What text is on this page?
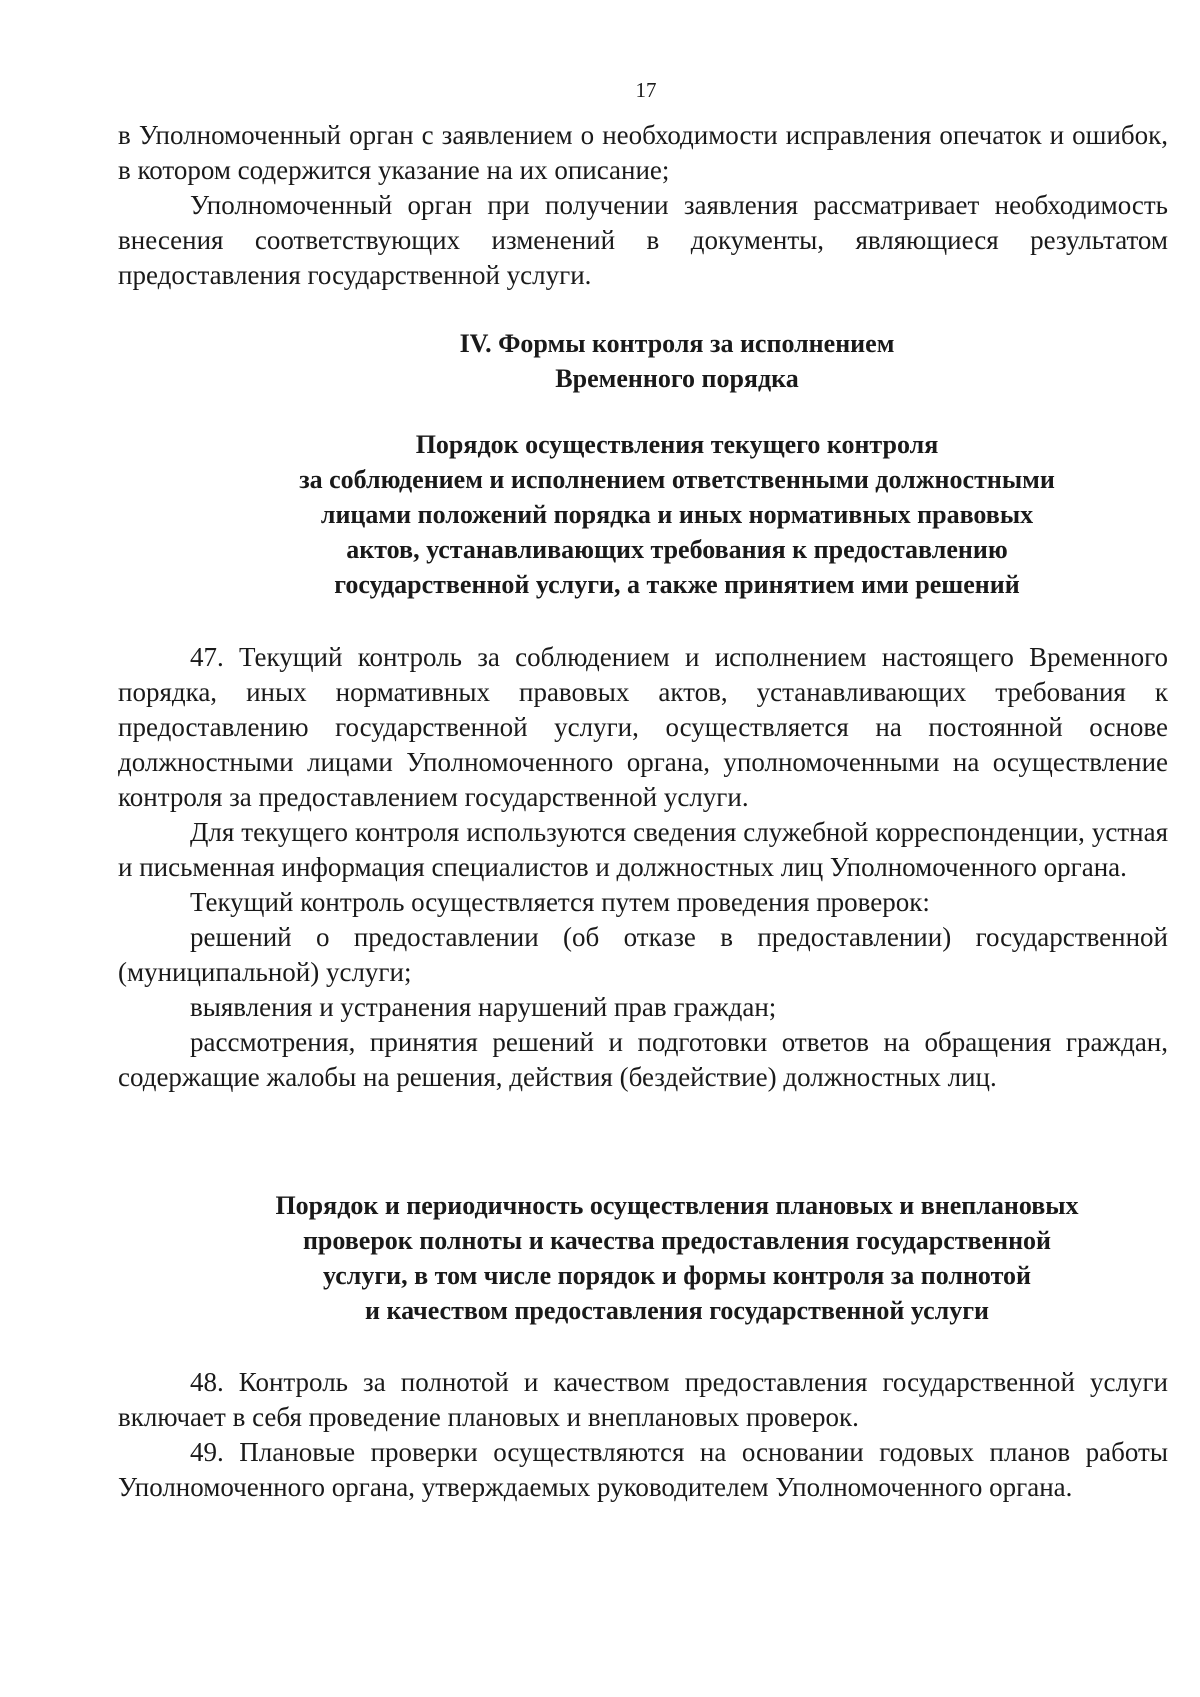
17

в Уполномоченный орган с заявлением о необходимости исправления опечаток и ошибок, в котором содержится указание на их описание;

Уполномоченный орган при получении заявления рассматривает необходимость внесения соответствующих изменений в документы, являющиеся результатом предоставления государственной услуги.

IV. Формы контроля за исполнением
Временного порядка
Порядок осуществления текущего контроля
за соблюдением и исполнением ответственными должностными
лицами положений порядка и иных нормативных правовых
актов, устанавливающих требования к предоставлению
государственной услуги, а также принятием ими решений

47. Текущий контроль за соблюдением и исполнением настоящего Временного порядка, иных нормативных правовых актов, устанавливающих требования к предоставлению государственной услуги, осуществляется на постоянной основе должностными лицами Уполномоченного органа, уполномоченными на осуществление контроля за предоставлением государственной услуги.

Для текущего контроля используются сведения служебной корреспонденции, устная и письменная информация специалистов и должностных лиц Уполномоченного органа.

Текущий контроль осуществляется путем проведения проверок:

решений о предоставлении (об отказе в предоставлении) государственной (муниципальной) услуги;

выявления и устранения нарушений прав граждан;

рассмотрения, принятия решений и подготовки ответов на обращения граждан, содержащие жалобы на решения, действия (бездействие) должностных лиц.

Порядок и периодичность осуществления плановых и внеплановых
проверок полноты и качества предоставления государственной
услуги, в том числе порядок и формы контроля за полнотой
и качеством предоставления государственной услуги

48. Контроль за полнотой и качеством предоставления государственной услуги включает в себя проведение плановых и внеплановых проверок.

49. Плановые проверки осуществляются на основании годовых планов работы Уполномоченного органа, утверждаемых руководителем Уполномоченного органа.
